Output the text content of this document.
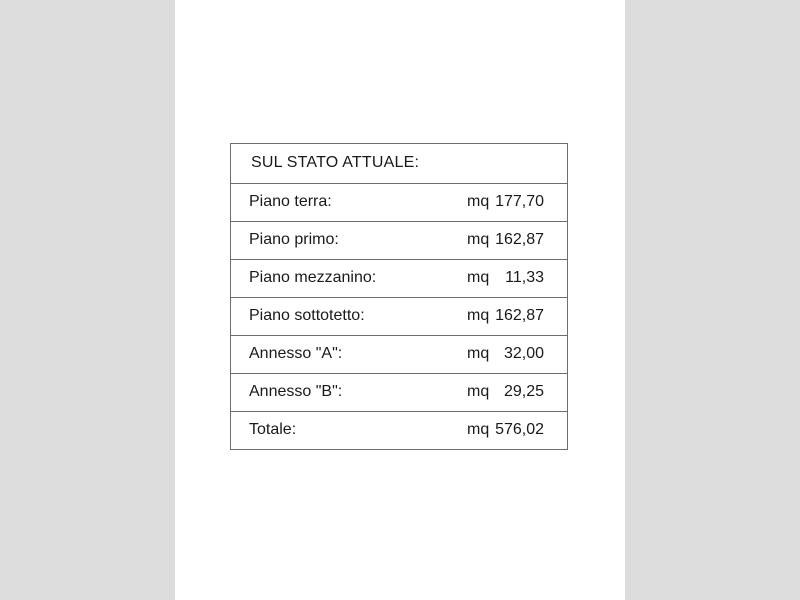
SUL STATO ATTUALE:
Piano terra:	mq 177,70
Piano primo:	mq 162,87
Piano mezzanino:	mq 11,33
Piano sottotetto:	mq 162,87
Annesso "A":	mq 32,00
Annesso "B":	mq 29,25
Totale:	mq 576,02
